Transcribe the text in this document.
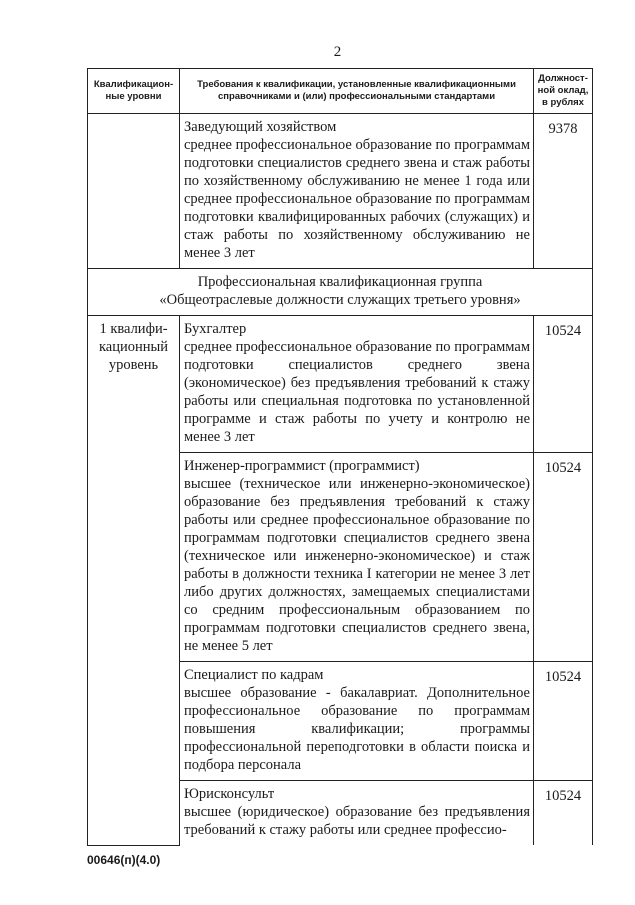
2
Квалификацион-ные уровни	Требования к квалификации, установленные квалификационными справочниками и (или) профессиональными стандартами	Должност-ной оклад, в рублях

	Заведующий хозяйством
среднее профессиональное образование по программам подготовки специалистов среднего звена и стаж работы по хозяйственному обслуживанию не менее 1 года или среднее профессиональное образование по программам подготовки квалифицированных рабочих (служащих) и стаж работы по хозяйственному обслуживанию не менее 3 лет	9378

Профессиональная квалификационная группа
«Общеотраслевые должности служащих третьего уровня»		

1 квалифи-кационный уровень	Бухгалтер
среднее профессиональное образование по программам подготовки специалистов среднего звена (экономическое) без предъявления требований к стажу работы или специальная подготовка по установленной программе и стаж работы по учету и контролю не менее 3 лет	10524

	Инженер-программист (программист)
высшее (техническое или инженерно-экономическое) образование без предъявления требований к стажу работы или среднее профессиональное образование по программам подготовки специалистов среднего звена (техническое или инженерно-экономическое) и стаж работы в должности техника I категории не менее 3 лет либо других должностях, замещаемых специалистами со средним профессиональным образованием по программам подготовки специалистов среднего звена, не менее 5 лет	10524

	Специалист по кадрам
высшее образование - бакалавриат. Дополнительное профессиональное образование по программам повышения квалификации; программы профессиональной переподготовки в области поиска и подбора персонала	10524

	Юрисконсульт
высшее (юридическое) образование без предъявления требований к стажу работы или среднее профессио-	10524
00646(п)(4.0)
